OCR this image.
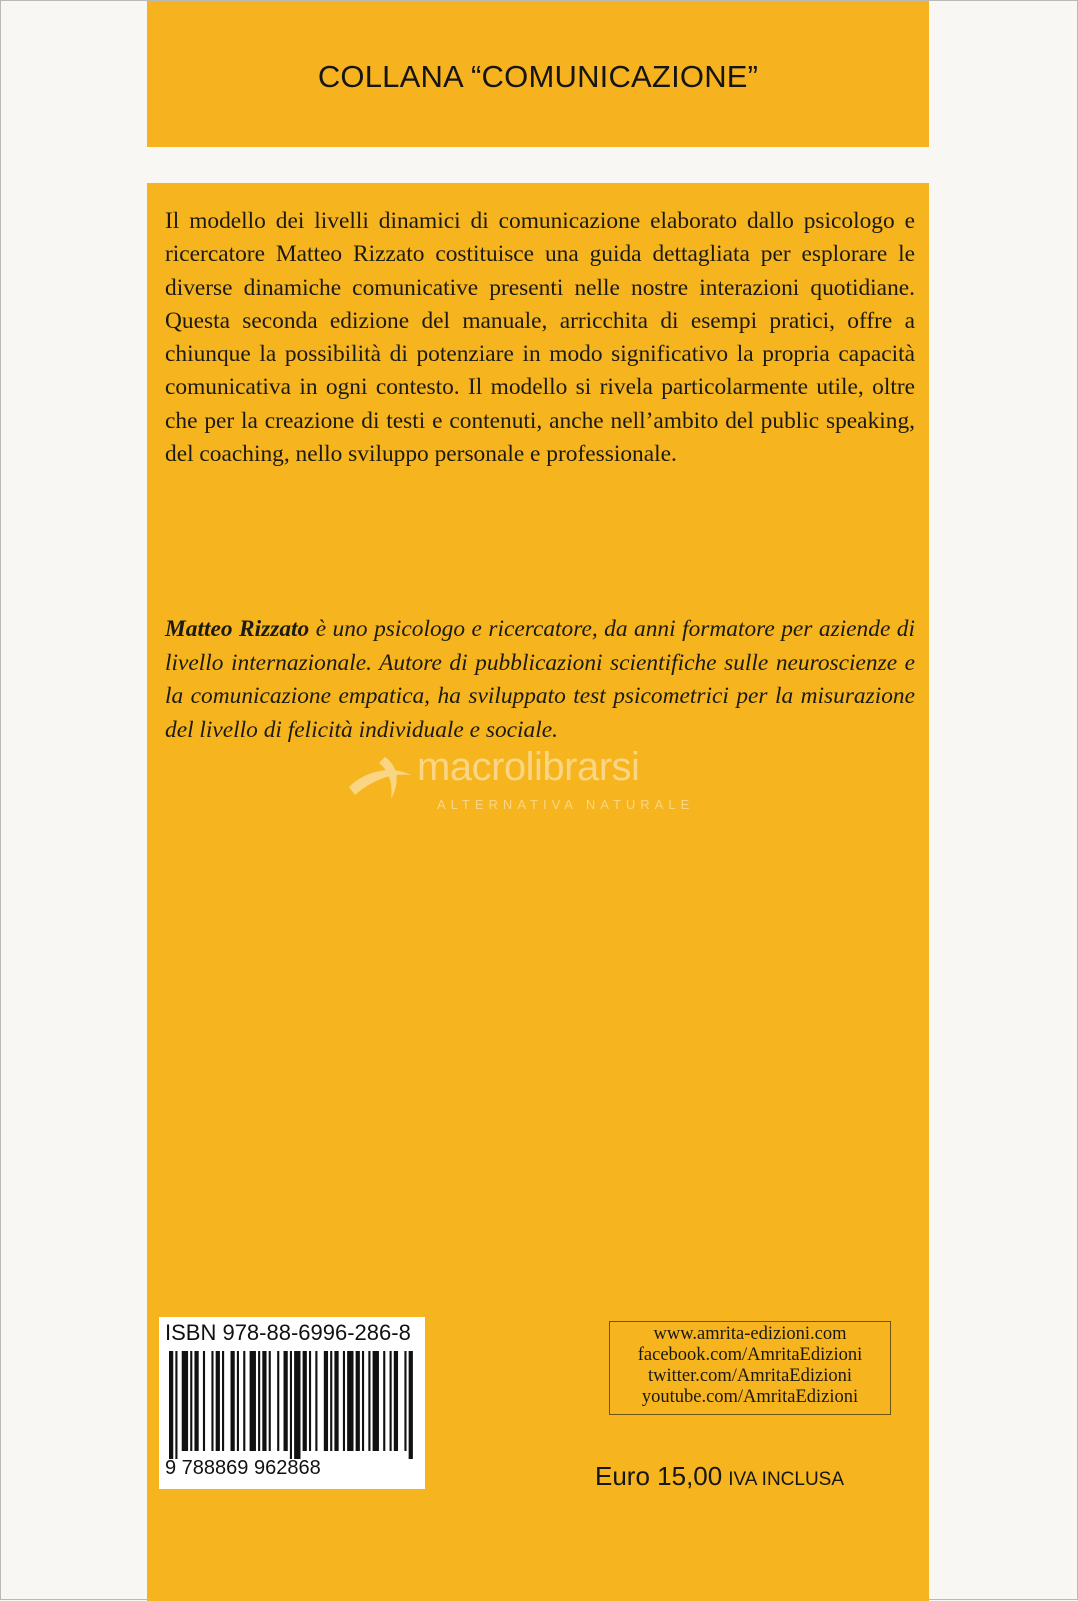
COLLANA “COMUNICAZIONE”

Il modello dei livelli dinamici di comunicazione elaborato dallo psicologo e ricercatore Matteo Rizzato costituisce una guida dettagliata per esplorare le diverse dinamiche comunicative presenti nelle nostre interazioni quotidiane. Questa seconda edizione del manuale, arricchita di esempi pratici, offre a chiunque la possibilità di potenziare in modo significativo la propria capacità comunicativa in ogni contesto. Il modello si rivela particolarmente utile, oltre che per la creazione di testi e contenuti, anche nell’ambito del public speaking, del coaching, nello sviluppo personale e professionale.

Matteo Rizzato è uno psicologo e ricercatore, da anni formatore per aziende di livello internazionale. Autore di pubblicazioni scientifiche sulle neuroscienze e la comunicazione empatica, ha sviluppato test psicometrici per la misurazione del livello di felicità individuale e sociale.

macrolibrarsi
ALTERNATIVA NATURALE
ISBN 978-88-6996-286-8
9 788869 962868
www.amrita-edizioni.com
facebook.com/AmritaEdizioni
twitter.com/AmritaEdizioni
youtube.com/AmritaEdizioni
Euro 15,00 IVA INCLUSA
